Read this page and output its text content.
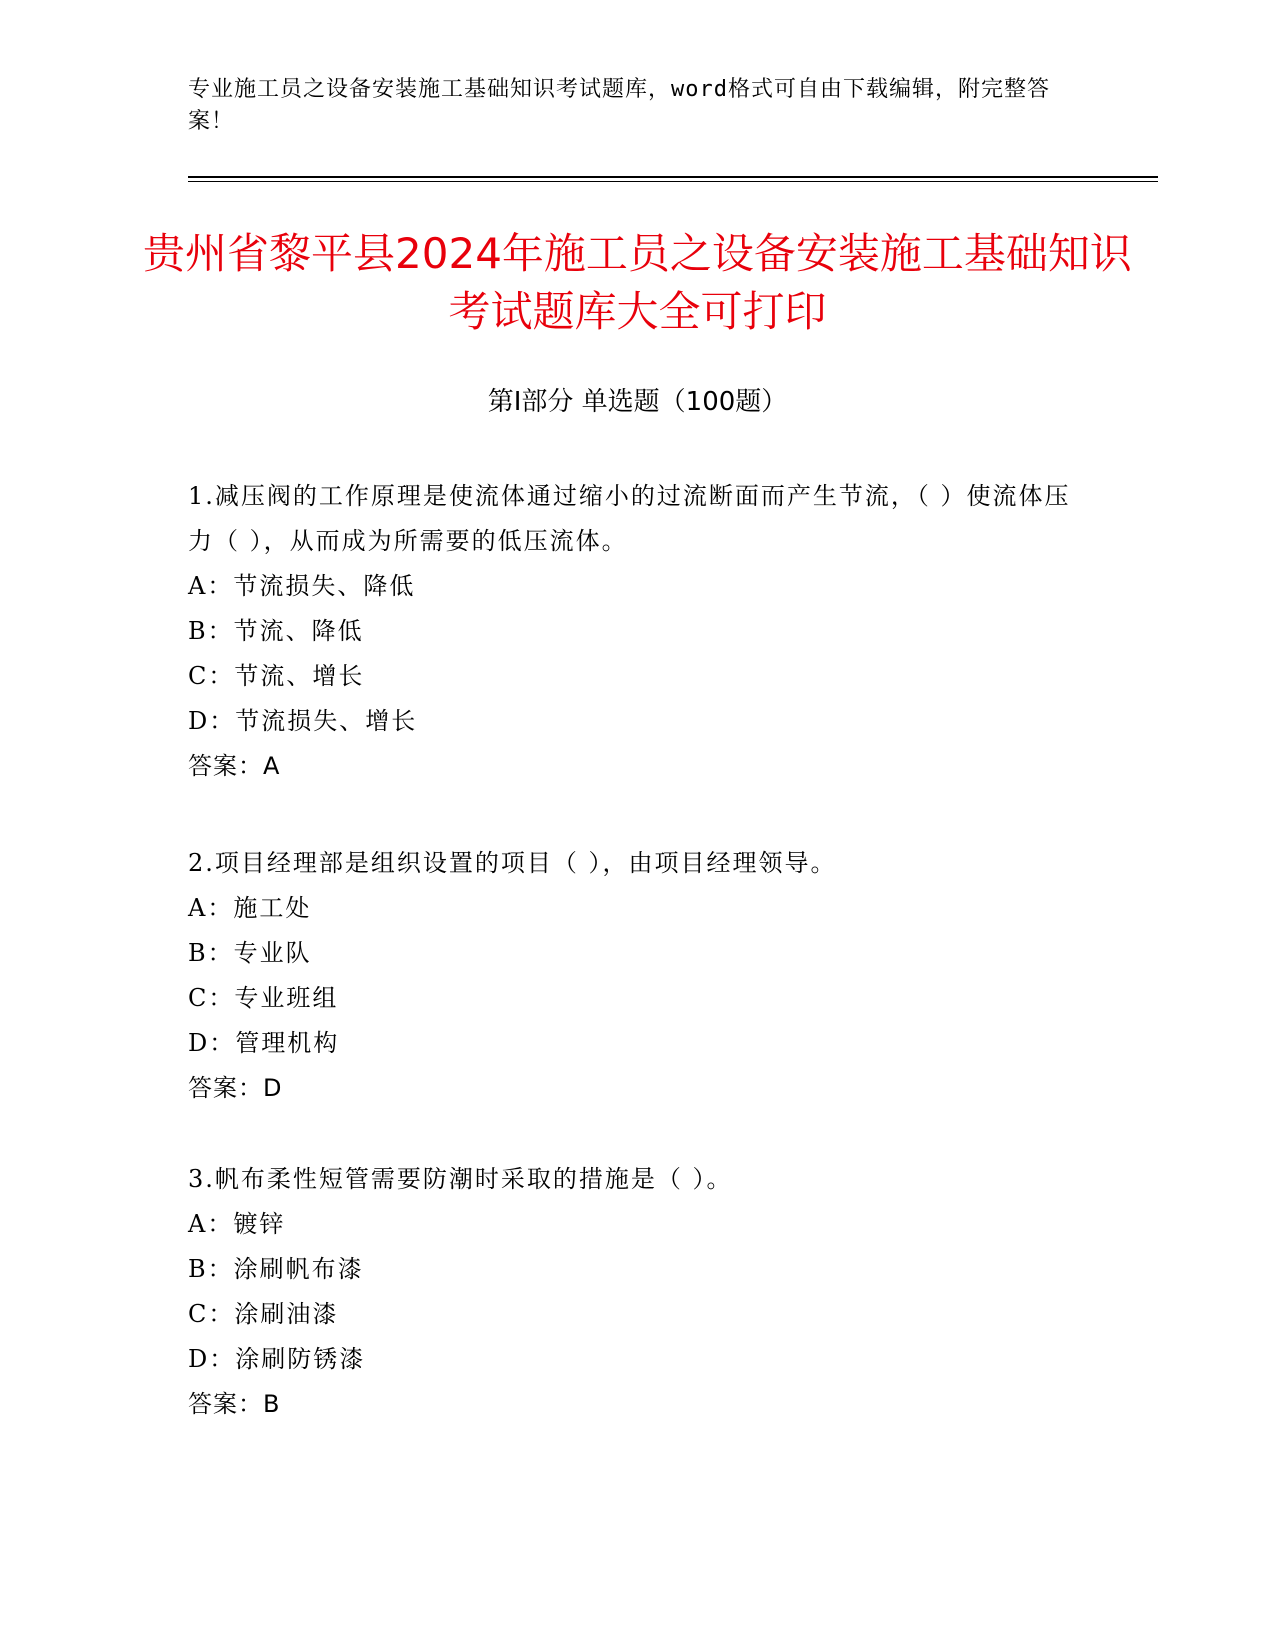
专业施工员之设备安装施工基础知识考试题库，word格式可自由下载编辑，附完整答案！
贵州省黎平县2024年施工员之设备安装施工基础知识考试题库大全可打印
第Ⅰ部分 单选题（100题）
1.减压阀的工作原理是使流体通过缩小的过流断面而产生节流，（ ）使流体压力（ ），从而成为所需要的低压流体。
A：节流损失、降低
B：节流、降低
C：节流、增长
D：节流损失、增长
答案：A
2.项目经理部是组织设置的项目（ ），由项目经理领导。
A：施工处
B：专业队
C：专业班组
D：管理机构
答案：D
3.帆布柔性短管需要防潮时采取的措施是（ ）。
A：镀锌
B：涂刷帆布漆
C：涂刷油漆
D：涂刷防锈漆
答案：B
